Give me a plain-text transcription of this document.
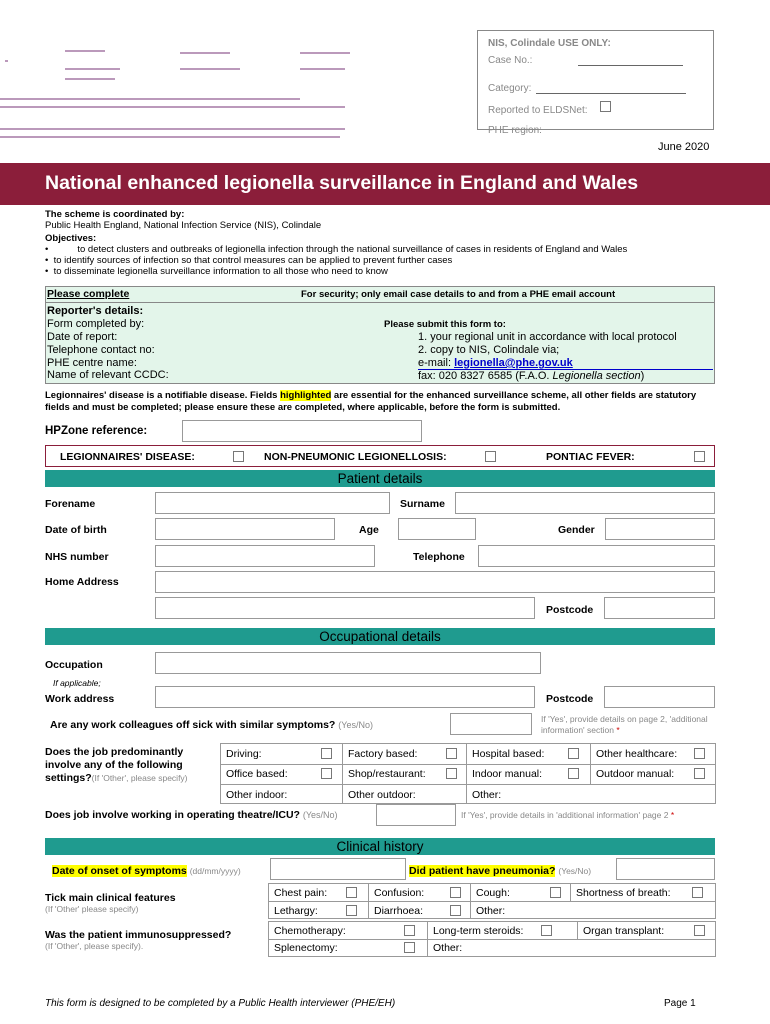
NIS, Colindale USE ONLY:
Case No.:
Category:
Reported to ELDSNet:
PHE region:
June 2020
National enhanced legionella surveillance in England and Wales
The scheme is coordinated by:
Public Health England, National Infection Service (NIS), Colindale
Objectives:
•           to detect clusters and outbreaks of legionella infection through the national surveillance of cases in residents of England and Wales
•  to identify sources of infection so that control measures can be applied to prevent further cases
•  to disseminate legionella surveillance information to all those who need to know
Please complete	For security; only email case details to and from a PHE email account
Reporter's details:
Form completed by:
Date of report:
Telephone contact no:
PHE centre name:
Name of relevant CCDC:
Please submit this form to:
1. your regional unit in accordance with local protocol
2. copy to NIS, Colindale via;
e-mail: legionella@phe.gov.uk
fax: 020 8327 6585 (F.A.O. Legionella section)
Legionnaires' disease is a notifiable disease. Fields highlighted are essential for the enhanced surveillance scheme, all other fields are statutory fields and must be completed; please ensure these are completed, where applicable, before the form is submitted.
HPZone reference:
LEGIONNAIRES' DISEASE:	NON-PNEUMONIC LEGIONELLOSIS:	PONTIAC FEVER:
Patient details
Forename	Surname
Date of birth	Age	Gender
NHS number	Telephone
Home Address
Postcode
Occupational details
Occupation
If applicable;
Work address	Postcode
Are any work colleagues off sick with similar symptoms? (Yes/No)
If 'Yes', provide details on page 2, 'additional information' section *
Does the job predominantly
involve any of the following
settings?(If 'Other', please specify)
Driving:	Factory based:	Hospital based:	Other healthcare:
Office based:	Shop/restaurant:	Indoor manual:	Outdoor manual:
Other indoor:	Other outdoor:	Other:
Does job involve working in operating theatre/ICU? (Yes/No)	If 'Yes', provide details in 'additional information' page 2 *
Clinical history
Date of onset of symptoms (dd/mm/yyyy)	Did patient have pneumonia? (Yes/No)
Tick main clinical features
(If 'Other' please specify)
Chest pain:	Confusion:	Cough:	Shortness of breath:
Lethargy:	Diarrhoea:	Other:
Was the patient immunosuppressed?
(If 'Other', please specify).
Chemotherapy:	Long-term steroids:	Organ transplant:
Splenectomy:	Other:
This form is designed to be completed by a Public Health interviewer (PHE/EH)	Page 1
